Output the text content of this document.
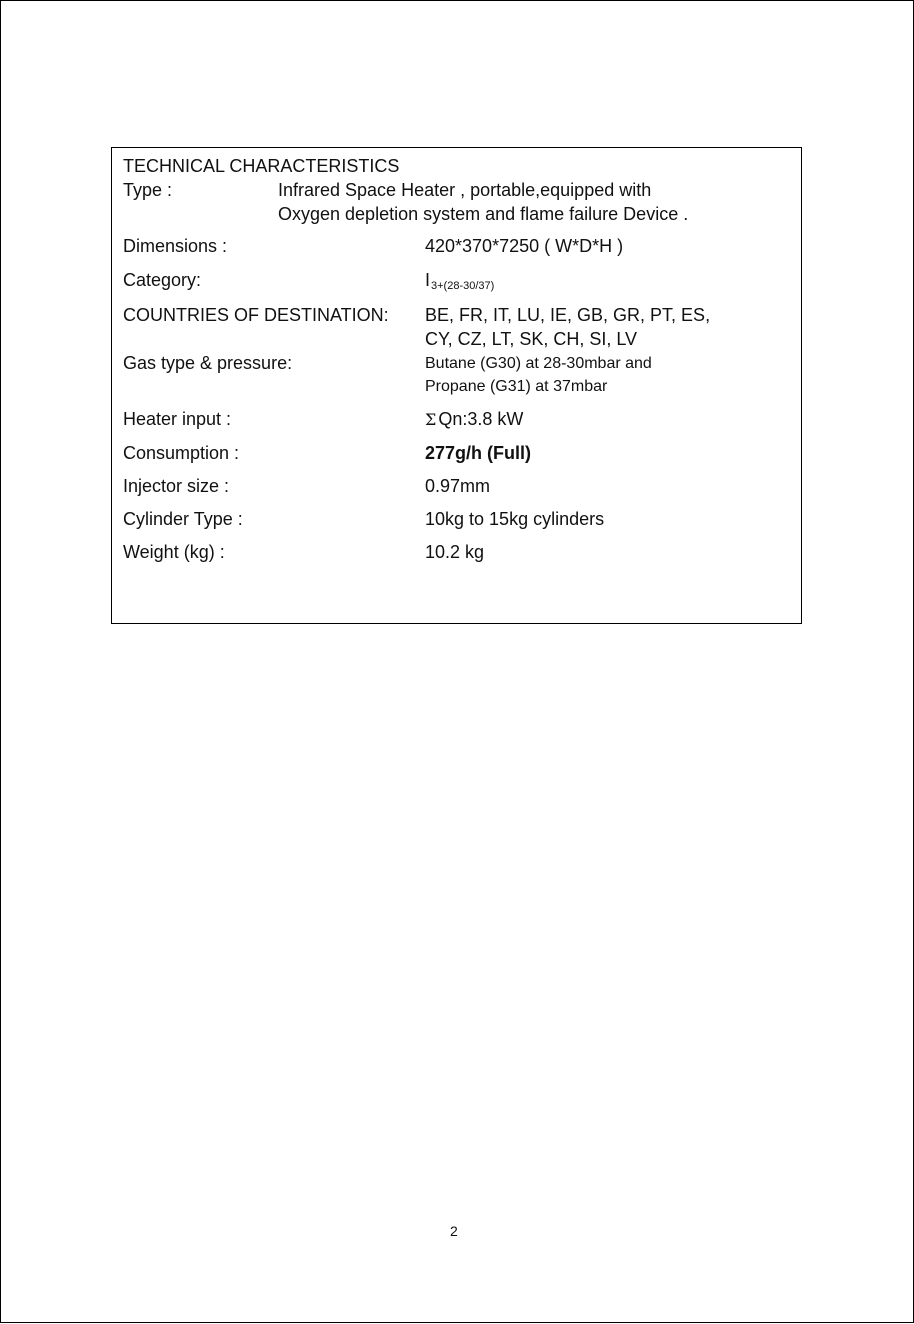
TECHNICAL CHARACTERISTICS
Type :	Infrared Space Heater , portable,equipped with
Oxygen depletion system and flame failure Device .
Dimensions :	420*370*7250 ( W*D*H )
Category:	$I_{3+(28-30/37)}$
COUNTRIES OF DESTINATION: BE, FR, IT, LU, IE, GB, GR, PT, ES,
CY, CZ, LT, SK, CH, SI, LV
Gas type & pressure:	Butane (G30) at 28-30mbar and
Propane (G31) at 37mbar
Heater input :	Σ Qn:3.8 kW
Consumption :	277g/h (Full)
Injector size :	0.97mm
Cylinder Type :	10kg to 15kg cylinders
Weight (kg) :	10.2 kg
2
